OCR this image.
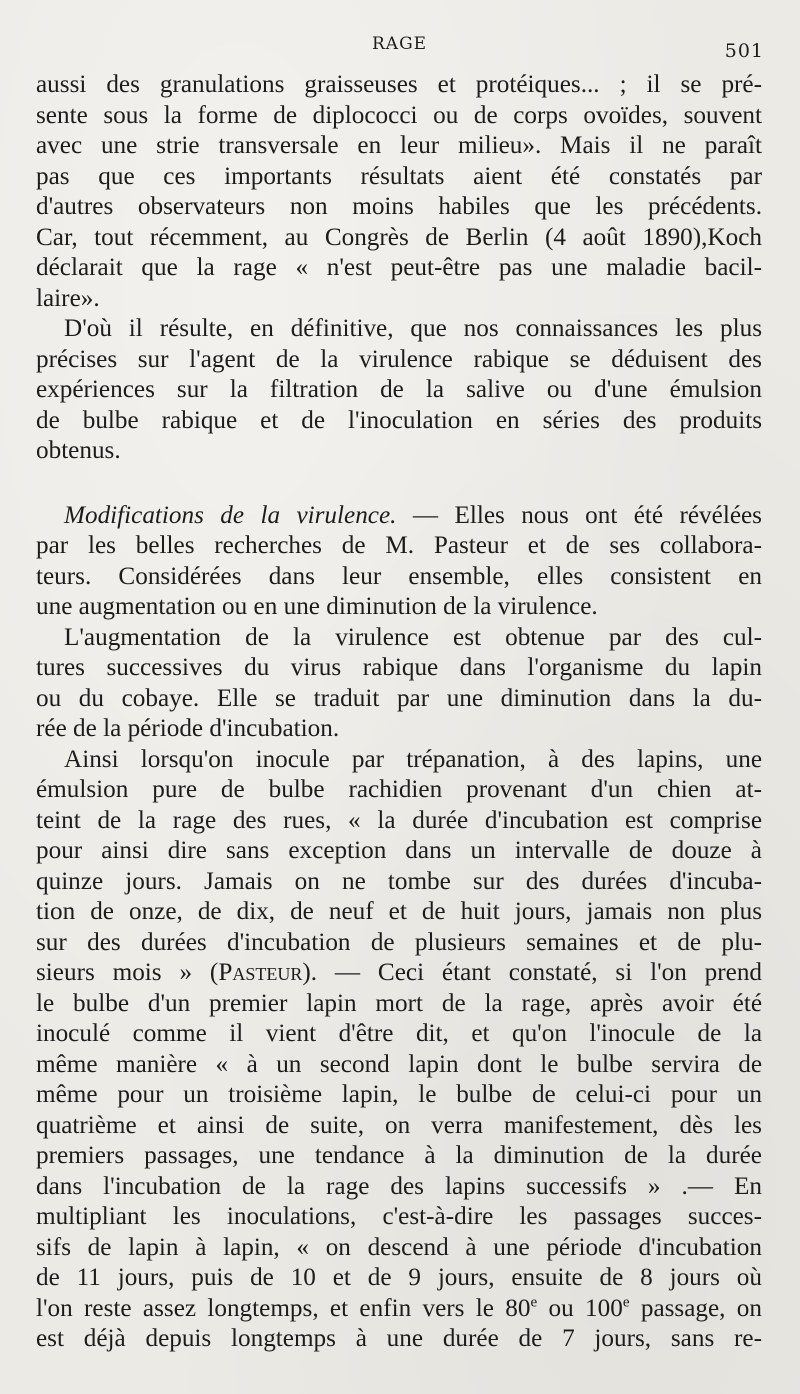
RAGE	501
aussi des granulations graisseuses et protéiques... ; il se pré-
sente sous la forme de diplococci ou de corps ovoïdes, souvent
avec une strie transversale en leur milieu». Mais il ne paraît
pas que ces importants résultats aient été constatés par
d'autres observateurs non moins habiles que les précédents.
Car, tout récemment, au Congrès de Berlin (4 août 1890),Koch
déclarait que la rage « n'est peut-être pas une maladie bacil-
laire».
D'où il résulte, en définitive, que nos connaissances les plus
précises sur l'agent de la virulence rabique se déduisent des
expériences sur la filtration de la salive ou d'une émulsion
de bulbe rabique et de l'inoculation en séries des produits
obtenus.
Modifications de la virulence. — Elles nous ont été révélées
par les belles recherches de M. Pasteur et de ses collabora-
teurs. Considérées dans leur ensemble, elles consistent en
une augmentation ou en une diminution de la virulence.
L'augmentation de la virulence est obtenue par des cul-
tures successives du virus rabique dans l'organisme du lapin
ou du cobaye. Elle se traduit par une diminution dans la du-
rée de la période d'incubation.
Ainsi lorsqu'on inocule par trépanation, à des lapins, une
émulsion pure de bulbe rachidien provenant d'un chien at-
teint de la rage des rues, « la durée d'incubation est comprise
pour ainsi dire sans exception dans un intervalle de douze à
quinze jours. Jamais on ne tombe sur des durées d'incuba-
tion de onze, de dix, de neuf et de huit jours, jamais non plus
sur des durées d'incubation de plusieurs semaines et de plu-
sieurs mois » (Pasteur). — Ceci étant constaté, si l'on prend
le bulbe d'un premier lapin mort de la rage, après avoir été
inoculé comme il vient d'être dit, et qu'on l'inocule de la
même manière « à un second lapin dont le bulbe servira de
même pour un troisième lapin, le bulbe de celui-ci pour un
quatrième et ainsi de suite, on verra manifestement, dès les
premiers passages, une tendance à la diminution de la durée
dans l'incubation de la rage des lapins successifs » .— En
multipliant les inoculations, c'est-à-dire les passages succes-
sifs de lapin à lapin, « on descend à une période d'incubation
de 11 jours, puis de 10 et de 9 jours, ensuite de 8 jours où
l'on reste assez longtemps, et enfin vers le 80e ou 100e passage, on
est déjà depuis longtemps à une durée de 7 jours, sans re-
